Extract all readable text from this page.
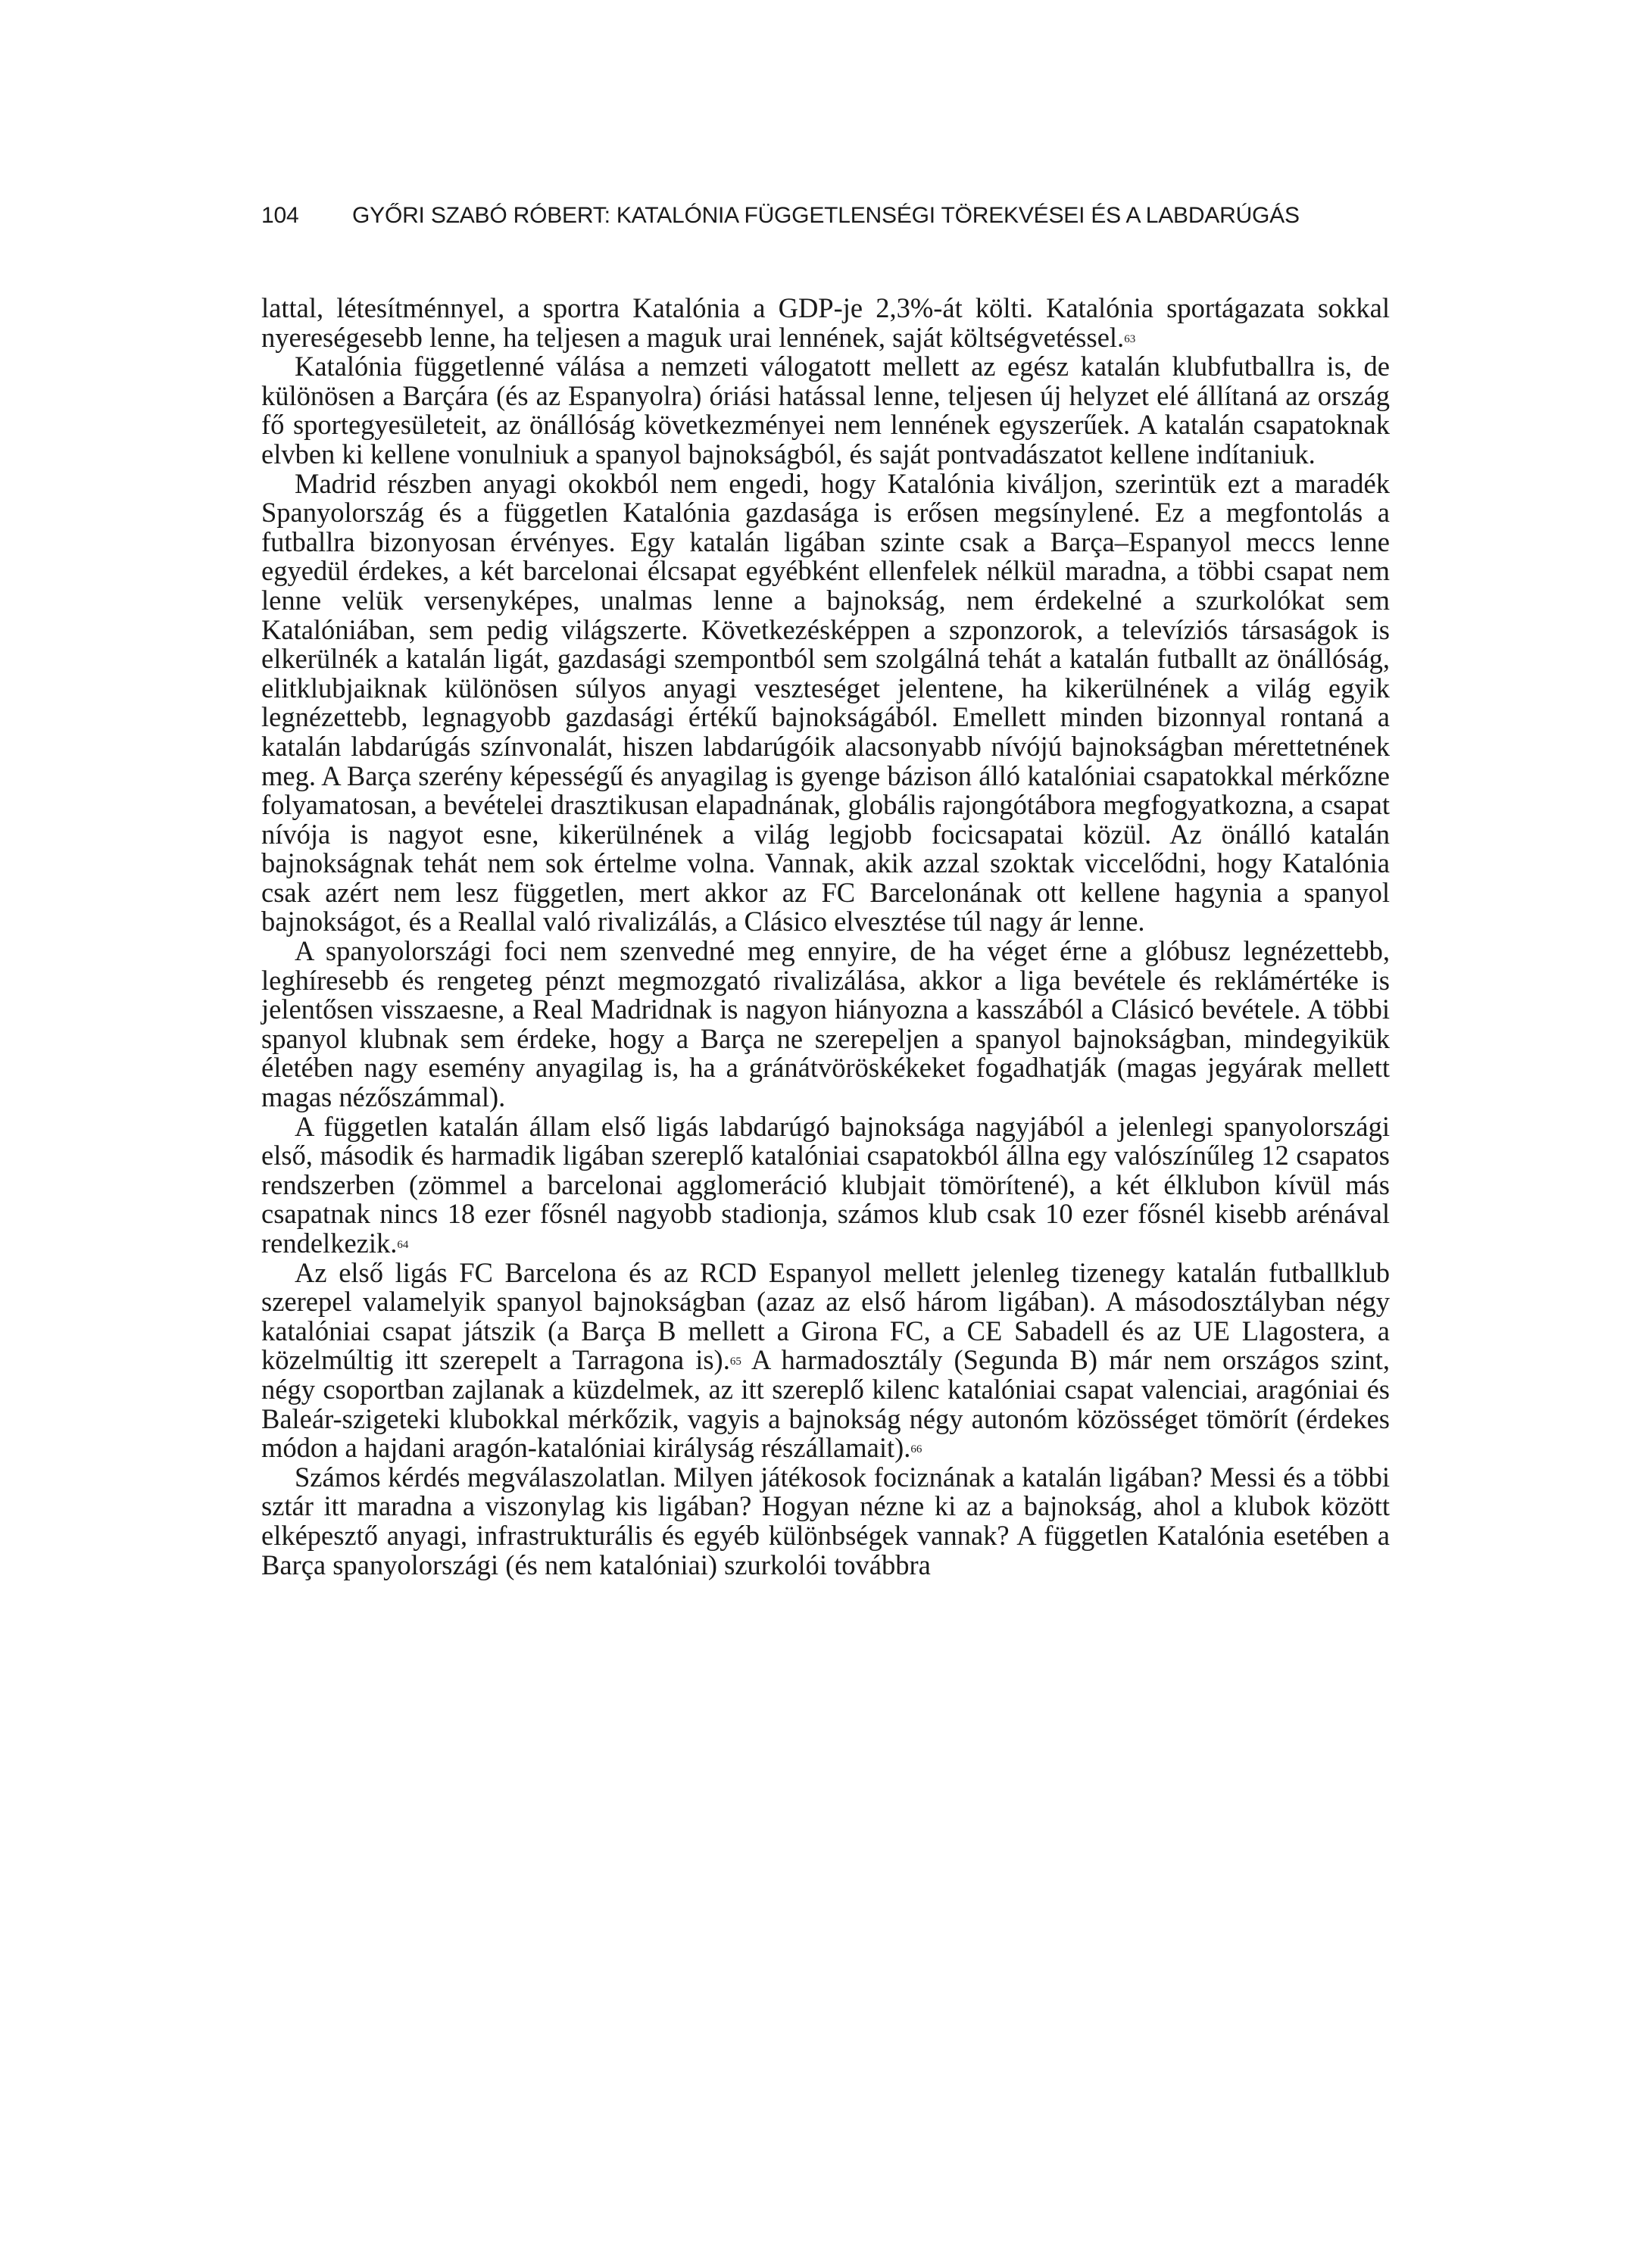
104 GYŐRI SZABÓ RÓBERT: KATALÓNIA FÜGGETLENSÉGI TÖREKVÉSEI ÉS A LABDARÚGÁS

lattal, létesítménnyel, a sportra Katalónia a GDP-je 2,3%-át költi. Katalónia sportágazata sokkal nyereségesebb lenne, ha teljesen a maguk urai lennének, saját költségvetéssel.$^{63}$

Katalónia függetlenné válása a nemzeti válogatott mellett az egész katalán klubfutballra is, de különösen a Barçára (és az Espanyolra) óriási hatással lenne, teljesen új helyzet elé állítaná az ország fő sportegyesületeit, az önállóság következményei nem lennének egyszerűek. A katalán csapatoknak elvben ki kellene vonulniuk a spanyol bajnokságból, és saját pontvadászatot kellene indítaniuk.

Madrid részben anyagi okokból nem engedi, hogy Katalónia kiváljon, szerintük ezt a maradék Spanyolország és a független Katalónia gazdasága is erősen megsínylené. Ez a megfontolás a futballra bizonyosan érvényes. Egy katalán ligában szinte csak a Barça–Espanyol meccs lenne egyedül érdekes, a két barcelonai élcsapat egyébként ellenfelek nélkül maradna, a többi csapat nem lenne velük versenyképes, unalmas lenne a bajnokság, nem érdekelné a szurkolókat sem Katalóniában, sem pedig világszerte. Következésképpen a szponzorok, a televíziós társaságok is elkerülnék a katalán ligát, gazdasági szempontból sem szolgálná tehát a katalán futballt az önállóság, elitklubjaiknak különösen súlyos anyagi veszteséget jelentene, ha kikerülnének a világ egyik legnézettebb, legnagyobb gazdasági értékű bajnokságából. Emellett minden bizonnyal rontaná a katalán labdarúgás színvonalát, hiszen labdarúgóik alacsonyabb nívójú bajnokságban mérettetnének meg. A Barça szerény képességű és anyagilag is gyenge bázison álló katalóniai csapatokkal mérkőzne folyamatosan, a bevételei drasztikusan elapadnának, globális rajongótábora megfogyatkozna, a csapat nívója is nagyot esne, kikerülnének a világ legjobb focicsapatai közül. Az önálló katalán bajnokságnak tehát nem sok értelme volna. Vannak, akik azzal szoktak viccelődni, hogy Katalónia csak azért nem lesz független, mert akkor az FC Barcelonának ott kellene hagynia a spanyol bajnokságot, és a Reallal való rivalizálás, a Clásico elvesztése túl nagy ár lenne.

A spanyolországi foci nem szenvedné meg ennyire, de ha véget érne a glóbusz legnézettebb, leghíresebb és rengeteg pénzt megmozgató rivalizálása, akkor a liga bevétele és reklámértéke is jelentősen visszaesne, a Real Madridnak is nagyon hiányozna a kasszából a Clásicó bevétele. A többi spanyol klubnak sem érdeke, hogy a Barça ne szerepeljen a spanyol bajnokságban, mindegyikük életében nagy esemény anyagilag is, ha a gránátvöröskékeket fogadhatják (magas jegyárak mellett magas nézőszámmal).

A független katalán állam első ligás labdarúgó bajnoksága nagyjából a jelenlegi spanyolországi első, második és harmadik ligában szereplő katalóniai csapatokból állna egy valószínűleg 12 csapatos rendszerben (zömmel a barcelonai agglomeráció klubjait tömörítené), a két élklubon kívül más csapatnak nincs 18 ezer fősnél nagyobb stadionja, számos klub csak 10 ezer fősnél kisebb arénával rendelkezik.$^{64}$

Az első ligás FC Barcelona és az RCD Espanyol mellett jelenleg tizenegy katalán futballklub szerepel valamelyik spanyol bajnokságban (azaz az első három ligában). A másodosztályban négy katalóniai csapat játszik (a Barça B mellett a Girona FC, a CE Sabadell és az UE Llagostera, a közelmúltig itt szerepelt a Tarragona is).$^{65}$ A harmadosztály (Segunda B) már nem országos szint, négy csoportban zajlanak a küzdelmek, az itt szereplő kilenc katalóniai csapat valenciai, aragóniai és Baleár-szigeteki klubokkal mérkőzik, vagyis a bajnokság négy autonóm közösséget tömörít (érdekes módon a hajdani aragón-katalóniai királyság részállamait).$^{66}$

Számos kérdés megválaszolatlan. Milyen játékosok fociznának a katalán ligában? Messi és a többi sztár itt maradna a viszonylag kis ligában? Hogyan nézne ki az a bajnokság, ahol a klubok között elképesztő anyagi, infrastrukturális és egyéb különbségek vannak? A független Katalónia esetében a Barça spanyolországi (és nem katalóniai) szurkolói továbbra
